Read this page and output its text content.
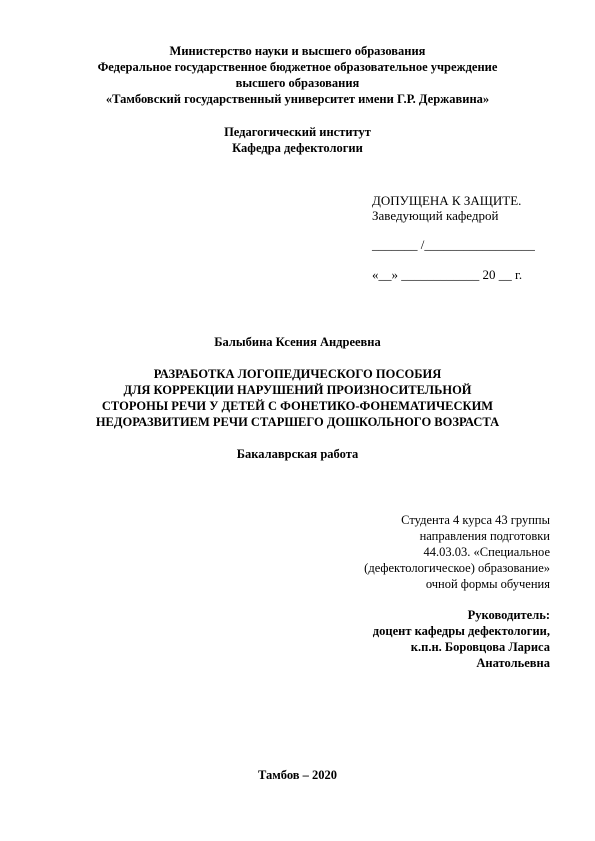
Министерство науки и высшего образования
Федеральное государственное бюджетное образовательное учреждение
высшего образования
«Тамбовский государственный университет имени Г.Р. Державина»
Педагогический институт
Кафедра дефектологии
ДОПУЩЕНА К ЗАЩИТЕ.
Заведующий кафедрой
_______ /_________________
«__» ____________ 20 __ г.
Балыбина Ксения Андреевна
РАЗРАБОТКА ЛОГОПЕДИЧЕСКОГО ПОСОБИЯ
ДЛЯ КОРРЕКЦИИ НАРУШЕНИЙ ПРОИЗНОСИТЕЛЬНОЙ
СТОРОНЫ РЕЧИ У ДЕТЕЙ С ФОНЕТИКО-ФОНЕМАТИЧЕСКИМ
НЕДОРАЗВИТИЕМ РЕЧИ СТАРШЕГО ДОШКОЛЬНОГО ВОЗРАСТА
Бакалаврская работа
Студента 4 курса 43 группы
направления подготовки
44.03.03. «Специальное
(дефектологическое) образование»
очной формы обучения
Руководитель:
доцент кафедры дефектологии,
к.п.н. Боровцова Лариса
Анатольевна
Тамбов – 2020
